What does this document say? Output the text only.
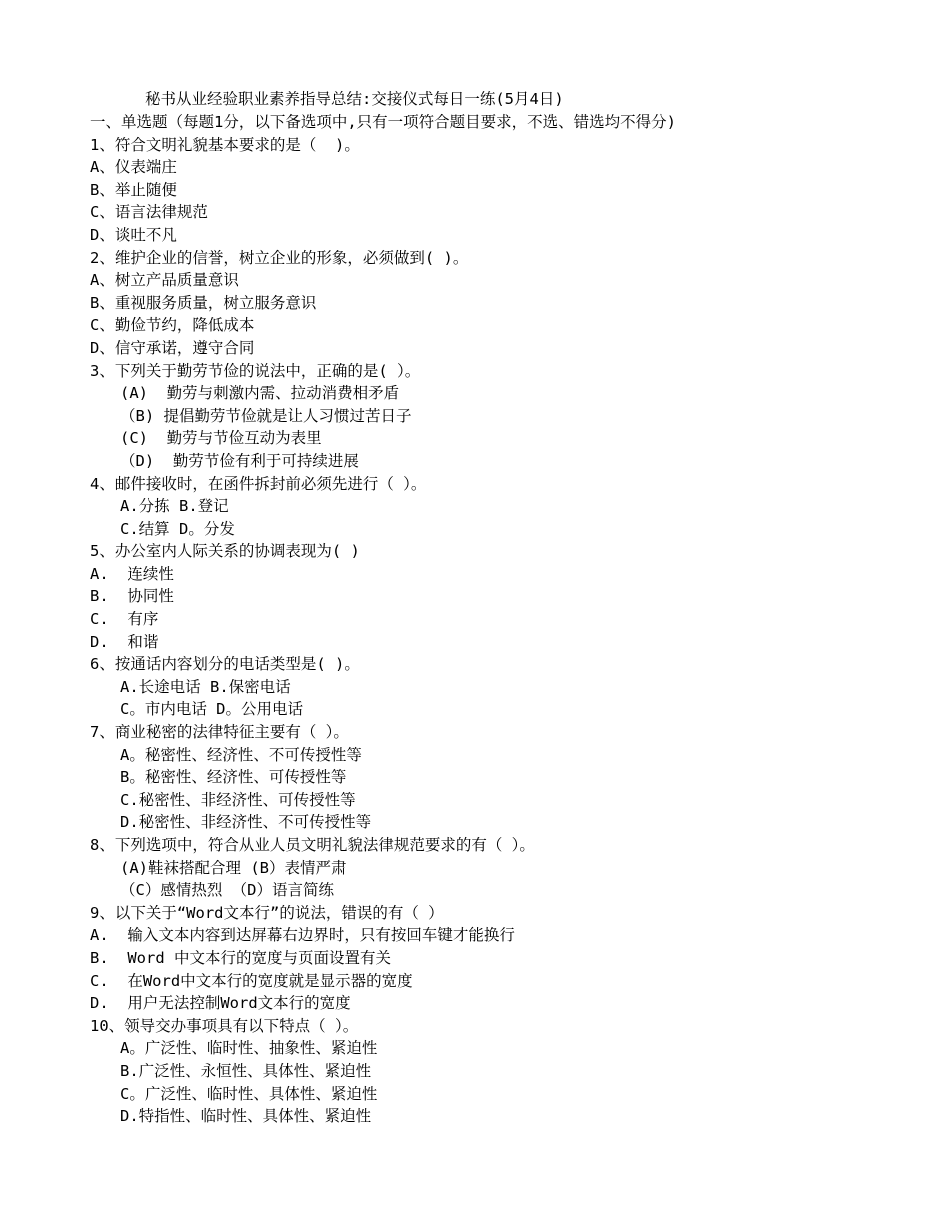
秘书从业经验职业素养指导总结:交接仪式每日一练(5月4日)
一、单选题（每题1分，以下备选项中,只有一项符合题目要求，不选、错选均不得分)
1、符合文明礼貌基本要求的是（  )。
A、仪表端庄
B、举止随便
C、语言法律规范
D、谈吐不凡
2、维护企业的信誉，树立企业的形象，必须做到( )。
A、树立产品质量意识
B、重视服务质量，树立服务意识
C、勤俭节约，降低成本
D、信守承诺，遵守合同
3、下列关于勤劳节俭的说法中，正确的是( ）。
(A)  勤劳与刺激内需、拉动消费相矛盾
（B) 提倡勤劳节俭就是让人习惯过苦日子
(C)  勤劳与节俭互动为表里
（D)  勤劳节俭有利于可持续进展
4、邮件接收时，在函件拆封前必须先进行（ ）。
A.分拣 B.登记
C.结算 D。分发
5、办公室内人际关系的协调表现为( )
A.  连续性
B.  协同性
C.  有序
D.  和谐
6、按通话内容划分的电话类型是( )。
A.长途电话 B.保密电话
C。市内电话 D。公用电话
7、商业秘密的法律特征主要有（ ）。
A。秘密性、经济性、不可传授性等
B。秘密性、经济性、可传授性等
C.秘密性、非经济性、可传授性等
D.秘密性、非经济性、不可传授性等
8、下列选项中，符合从业人员文明礼貌法律规范要求的有（ ）。
(A)鞋袜搭配合理 (B）表情严肃
（C）感情热烈 （D）语言简练
9、以下关于“Word文本行”的说法，错误的有（ ）
A.  输入文本内容到达屏幕右边界时，只有按回车键才能换行
B.  Word 中文本行的宽度与页面设置有关
C.  在Word中文本行的宽度就是显示器的宽度
D.  用户无法控制Word文本行的宽度
10、领导交办事项具有以下特点（ ）。
A。广泛性、临时性、抽象性、紧迫性
B.广泛性、永恒性、具体性、紧迫性
C。广泛性、临时性、具体性、紧迫性
D.特指性、临时性、具体性、紧迫性
